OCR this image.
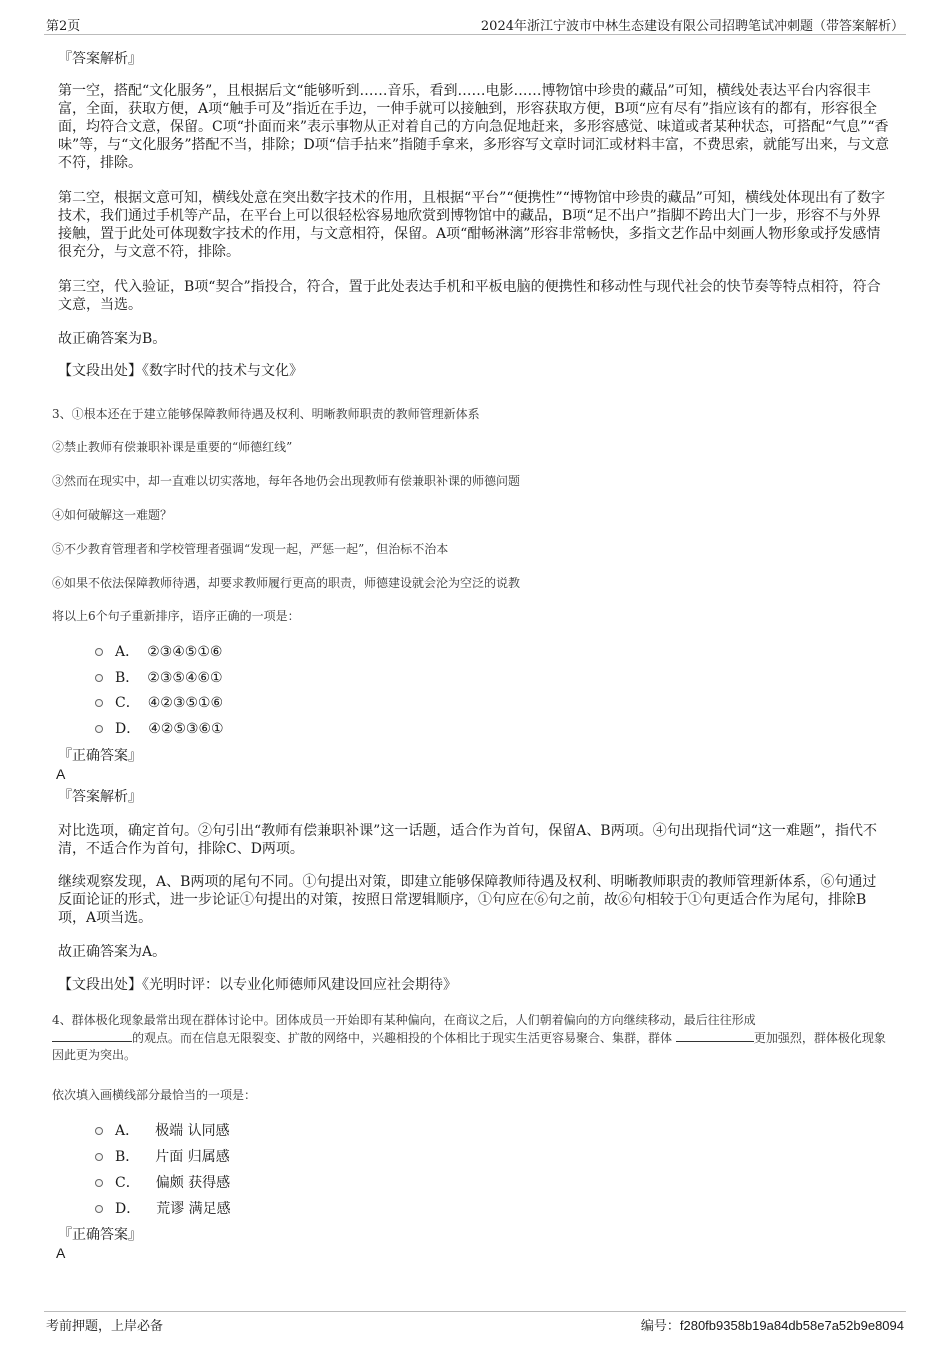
第2页	2024年浙江宁波市中林生态建设有限公司招聘笔试冲刺题（带答案解析）
『答案解析』

第一空，搭配“文化服务”，且根据后文“能够听到……音乐，看到……电影……博物馆中珍贵的藏品”可知，横线处表达平台内容很丰富，全面，获取方便，A项“触手可及”指近在手边，一伸手就可以接触到，形容获取方便，B项“应有尽有”指应该有的都有，形容很全面，均符合文意，保留。C项“扑面而来”表示事物从正对着自己的方向急促地赶来，多形容感觉、味道或者某种状态，可搭配“气息”“香味”等，与“文化服务”搭配不当，排除；D项“信手拈来”指随手拿来，多形容写文章时词汇或材料丰富，不费思索，就能写出来，与文意不符，排除。

第二空，根据文意可知，横线处意在突出数字技术的作用，且根据“平台”“便携性”“博物馆中珍贵的藏品”可知，横线处体现出有了数字技术，我们通过手机等产品，在平台上可以很轻松容易地欣赏到博物馆中的藏品，B项“足不出户”指脚不跨出大门一步，形容不与外界接触，置于此处可体现数字技术的作用，与文意相符，保留。A项“酣畅淋漓”形容非常畅快，多指文艺作品中刻画人物形象或抒发感情很充分，与文意不符，排除。

第三空，代入验证，B项“契合”指投合，符合，置于此处表达手机和平板电脑的便携性和移动性与现代社会的快节奏等特点相符，符合文意，当选。

故正确答案为B。

【文段出处】《数字时代的技术与文化》

3、①根本还在于建立能够保障教师待遇及权利、明晰教师职责的教师管理新体系

②禁止教师有偿兼职补课是重要的“师德红线”

③然而在现实中，却一直难以切实落地，每年各地仍会出现教师有偿兼职补课的师德问题

④如何破解这一难题？

⑤不少教育管理者和学校管理者强调“发现一起，严惩一起”，但治标不治本

⑥如果不依法保障教师待遇，却要求教师履行更高的职责，师德建设就会沦为空泛的说教

将以上6个句子重新排序，语序正确的一项是：

A． ②③④⑤①⑥
B． ②③⑤④⑥①
C． ④②③⑤①⑥
D． ④②⑤③⑥①
『正确答案』
A
『答案解析』

对比选项，确定首句。②句引出“教师有偿兼职补课”这一话题，适合作为首句，保留A、B两项。④句出现指代词“这一难题”，指代不清，不适合作为首句，排除C、D两项。

继续观察发现，A、B两项的尾句不同。①句提出对策，即建立能够保障教师待遇及权利、明晰教师职责的教师管理新体系，⑥句通过反面论证的形式，进一步论证①句提出的对策，按照日常逻辑顺序，①句应在⑥句之前，故⑥句相较于①句更适合作为尾句，排除B项，A项当选。

故正确答案为A。

【文段出处】《光明时评：以专业化师德师风建设回应社会期待》

4、群体极化现象最常出现在群体讨论中。团体成员一开始即有某种偏向，在商议之后，人们朝着偏向的方向继续移动，最后往往形成
的观点。而在信息无限裂变、扩散的网络中，兴趣相投的个体相比于现实生活更容易聚合、集群，群体	更加强烈，群体极化现象因此更为突出。

依次填入画横线部分最恰当的一项是：

A． 极端 认同感
B． 片面 归属感
C． 偏颇 获得感
D． 荒谬 满足感
『正确答案』
A
考前押题，上岸必备	编号：f280fb9358b19a84db58e7a52b9e8094
